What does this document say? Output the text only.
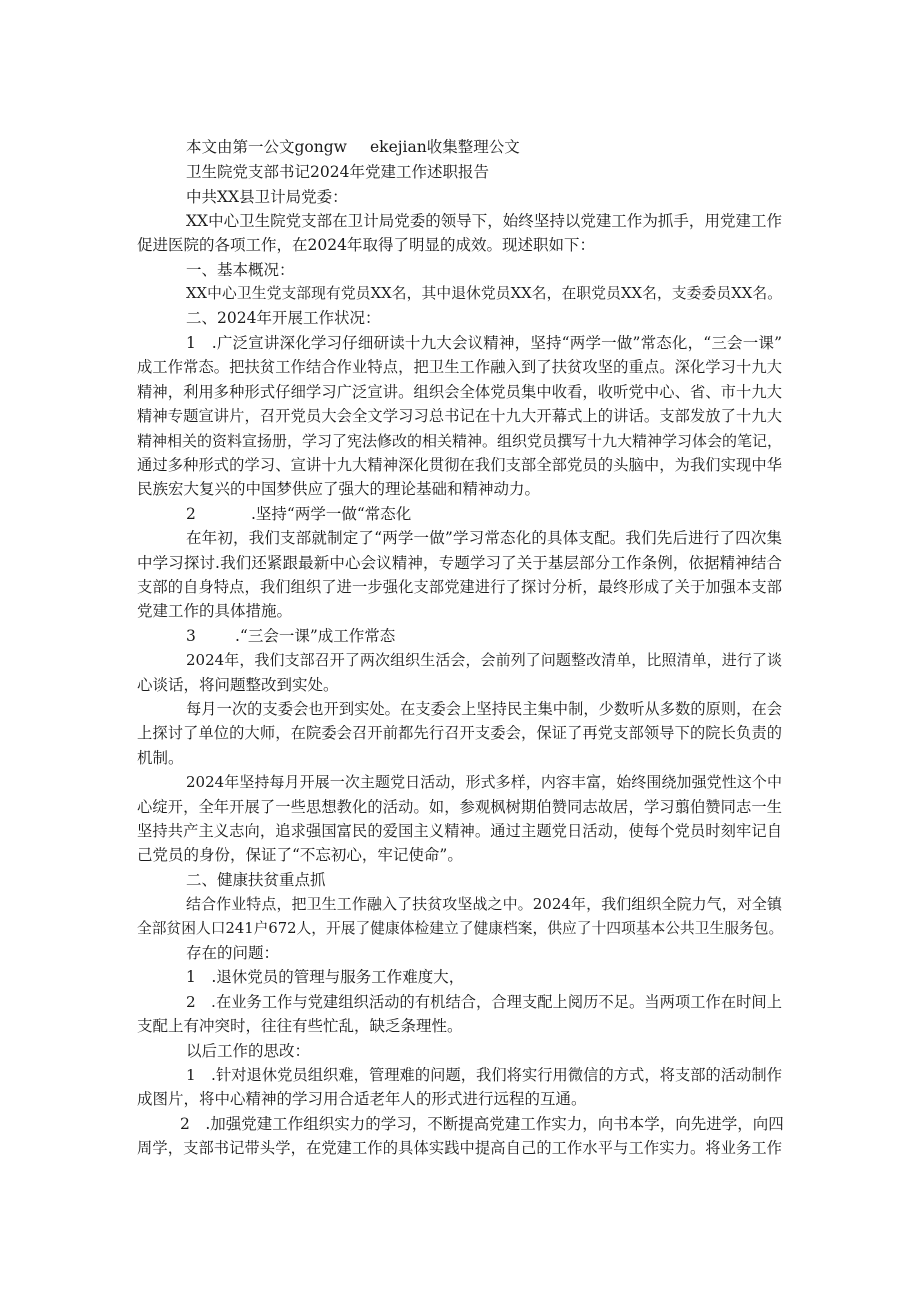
本文由第一公文gongw ekejian收集整理公文
卫生院党支部书记2024年党建工作述职报告
中共XX县卫计局党委：
XX中心卫生院党支部在卫计局党委的领导下，始终坚持以党建工作为抓手，用党建工作
促进医院的各项工作，在2024年取得了明显的成效。现述职如下：
一、基本概况：
XX中心卫生党支部现有党员XX名，其中退休党员XX名，在职党员XX名，支委委员XX名。
二、2024年开展工作状况：
1　.广泛宣讲深化学习仔细研读十九大会议精神，坚持“两学一做”常态化，“三会一课”
成工作常态。把扶贫工作结合作业特点，把卫生工作融入到了扶贫攻坚的重点。深化学习十九大
精神，利用多种形式仔细学习广泛宣讲。组织会全体党员集中收看，收听党中心、省、市十九大
精神专题宣讲片，召开党员大会全文学习习总书记在十九大开幕式上的讲话。支部发放了十九大
精神相关的资料宣扬册，学习了宪法修改的相关精神。组织党员撰写十九大精神学习体会的笔记，
通过多种形式的学习、宣讲十九大精神深化贯彻在我们支部全部党员的头脑中，为我们实现中华
民族宏大复兴的中国梦供应了强大的理论基础和精神动力。
2	.坚持“两学一做“常态化
在年初，我们支部就制定了“两学一做”学习常态化的具体支配。我们先后进行了四次集
中学习探讨.我们还紧跟最新中心会议精神，专题学习了关于基层部分工作条例，依据精神结合
支部的自身特点，我们组织了进一步强化支部党建进行了探讨分析，最终形成了关于加强本支部
党建工作的具体措施。
3	.“三会一课”成工作常态
2024年，我们支部召开了两次组织生活会，会前列了问题整改清单，比照清单，进行了谈
心谈话，将问题整改到实处。
每月一次的支委会也开到实处。在支委会上坚持民主集中制，少数听从多数的原则，在会
上探讨了单位的大师，在院委会召开前都先行召开支委会，保证了再党支部领导下的院长负责的
机制。
2024年坚持每月开展一次主题党日活动，形式多样，内容丰富，始终围绕加强党性这个中
心绽开，全年开展了一些思想教化的活动。如，参观枫树期伯赞同志故居，学习翦伯赞同志一生
坚持共产主义志向，追求强国富民的爱国主义精神。通过主题党日活动，使每个党员时刻牢记自
己党员的身份，保证了“不忘初心，牢记使命”。
二、健康扶贫重点抓
结合作业特点，把卫生工作融入了扶贫攻坚战之中。2024年，我们组织全院力气，对全镇
全部贫困人口241户672人，开展了健康体检建立了健康档案，供应了十四项基本公共卫生服务包。
存在的问题：
1　.退休党员的管理与服务工作难度大，
2　.在业务工作与党建组织活动的有机结合，合理支配上阅历不足。当两项工作在时间上
支配上有冲突时，往往有些忙乱，缺乏条理性。
以后工作的思改：
1　.针对退休党员组织难，管理难的问题，我们将实行用微信的方式，将支部的活动制作
成图片，将中心精神的学习用合适老年人的形式进行远程的互通。
2　.加强党建工作组织实力的学习，不断提高党建工作实力，向书本学，向先进学，向四
周学，支部书记带头学，在党建工作的具体实践中提高自己的工作水平与工作实力。将业务工作
